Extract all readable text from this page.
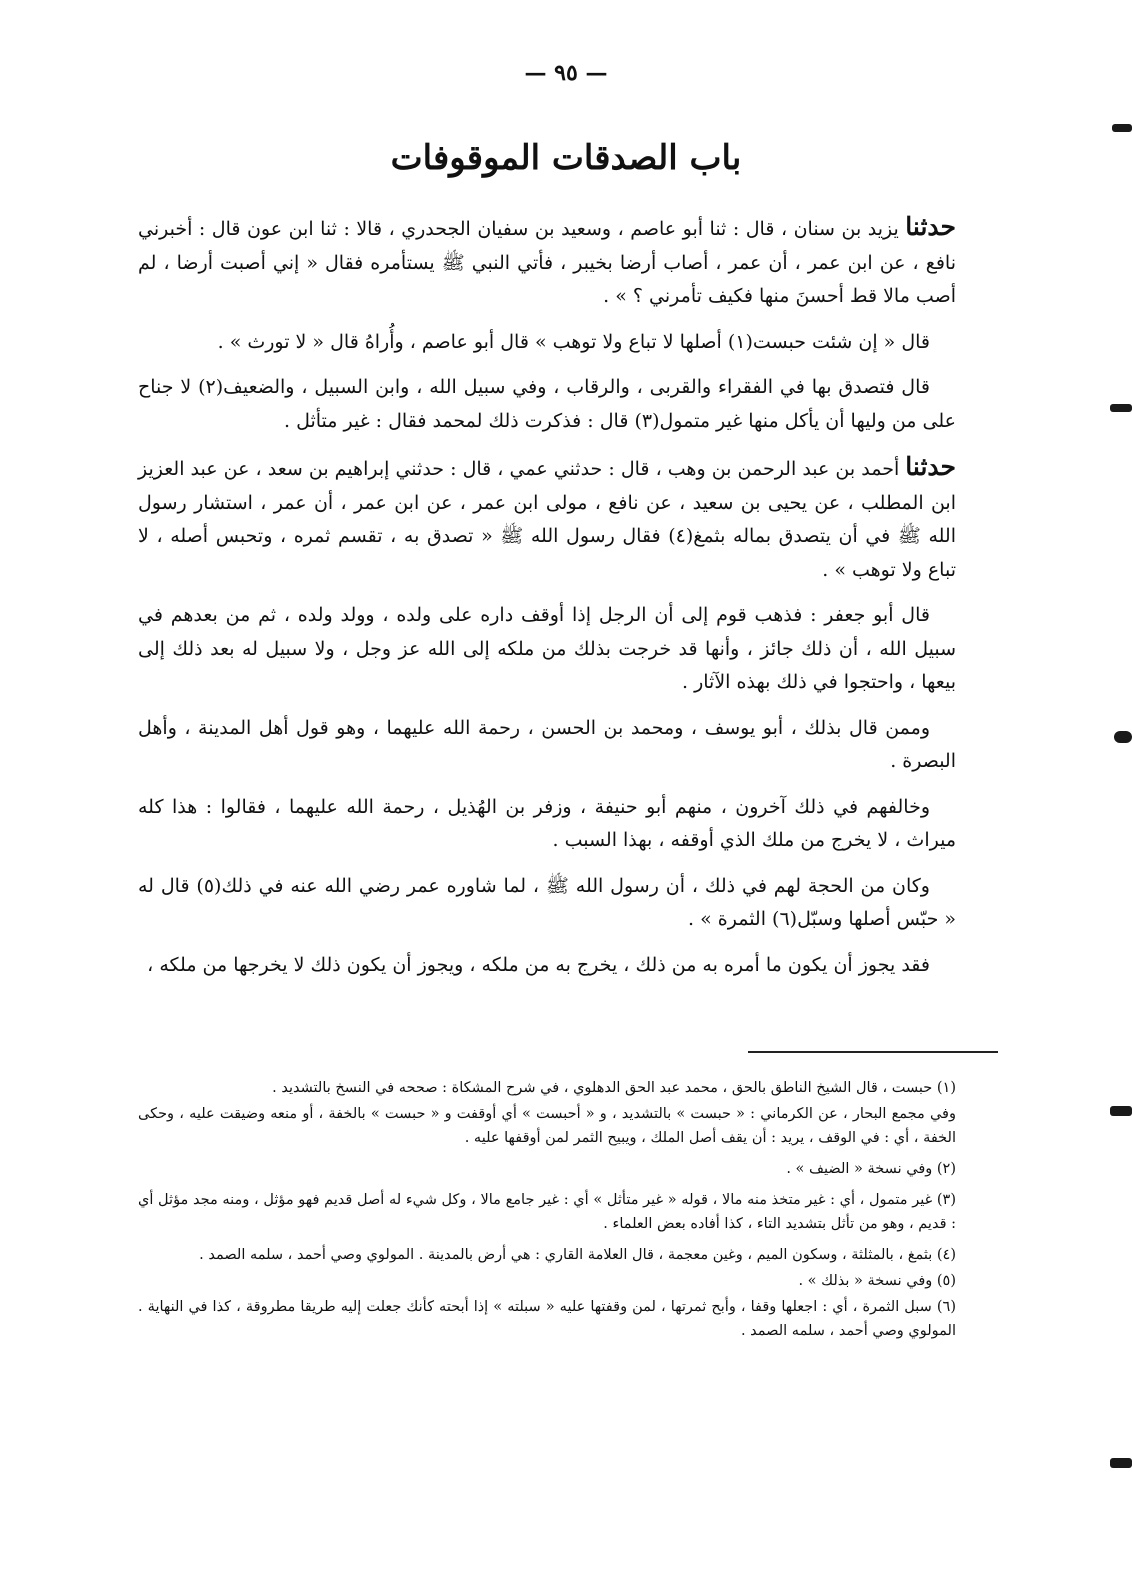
— ٩٥ —
باب الصدقات الموقوفات

حدثنا يزيد بن سنان ، قال : ثنا أبو عاصم ، وسعيد بن سفيان الجحدري ، قالا : ثنا ابن عون قال : أخبرني نافع ، عن ابن عمر ، أن عمر ، أصاب أرضا بخيبر ، فأتي النبي ﷺ يستأمره فقال « إني أصبت أرضا ، لم أصب مالا قط أحسنَ منها فكيف تأمرني ؟ » .

قال « إن شئت حبست(١) أصلها لا تباع ولا توهب » قال أبو عاصم ، وأُراهُ قال « لا تورث » .

قال فتصدق بها في الفقراء والقربى ، والرقاب ، وفي سبيل الله ، وابن السبيل ، والضعيف(٢) لا جناح على من وليها أن يأكل منها غير متمول(٣) قال : فذكرت ذلك لمحمد فقال : غير متأثل .

حدثنا أحمد بن عبد الرحمن بن وهب ، قال : حدثني عمي ، قال : حدثني إبراهيم بن سعد ، عن عبد العزيز ابن المطلب ، عن يحيى بن سعيد ، عن نافع ، مولى ابن عمر ، عن ابن عمر ، أن عمر ، استشار رسول الله ﷺ في أن يتصدق بماله بثمغ(٤) فقال رسول الله ﷺ « تصدق به ، تقسم ثمره ، وتحبس أصله ، لا تباع ولا توهب » .

قال أبو جعفر : فذهب قوم إلى أن الرجل إذا أوقف داره على ولده ، وولد ولده ، ثم من بعدهم في سبيل الله ، أن ذلك جائز ، وأنها قد خرجت بذلك من ملكه إلى الله عز وجل ، ولا سبيل له بعد ذلك إلى بيعها ، واحتجوا في ذلك بهذه الآثار .

وممن قال بذلك ، أبو يوسف ، ومحمد بن الحسن ، رحمة الله عليهما ، وهو قول أهل المدينة ، وأهل البصرة .

وخالفهم في ذلك آخرون ، منهم أبو حنيفة ، وزفر بن الهُذيل ، رحمة الله عليهما ، فقالوا : هذا كله ميراث ، لا يخرج من ملك الذي أوقفه ، بهذا السبب .

وكان من الحجة لهم في ذلك ، أن رسول الله ﷺ ، لما شاوره عمر رضي الله عنه في ذلك(٥) قال له « حبّس أصلها وسبّل(٦) الثمرة » .

فقد يجوز أن يكون ما أمره به من ذلك ، يخرج به من ملكه ، ويجوز أن يكون ذلك لا يخرجها من ملكه ،

(١) حبست ، قال الشيخ الناطق بالحق ، محمد عبد الحق الدهلوي ، في شرح المشكاة : صححه في النسخ بالتشديد .

وفي مجمع البحار ، عن الكرماني : « حبست » بالتشديد ، و « أحبست » أي أوقفت و « حبست » بالخفة ، أو منعه وضيقت عليه ، وحكى الخفة ، أي : في الوقف ، يريد : أن يقف أصل الملك ، ويبيح الثمر لمن أوقفها عليه .

(٢) وفي نسخة « الضيف » .

(٣) غير متمول ، أي : غير متخذ منه مالا ، قوله « غير متأثل » أي : غير جامع مالا ، وكل شيء له أصل قديم فهو مؤثل ، ومنه مجد مؤثل أي : قديم ، وهو من تأثل بتشديد التاء ، كذا أفاده بعض العلماء .

(٤) بثمغ ، بالمثلثة ، وسكون الميم ، وغين معجمة ، قال العلامة القاري : هي أرض بالمدينة . المولوي وصي أحمد ، سلمه الصمد .

(٥) وفي نسخة « بذلك » .

(٦) سبل الثمرة ، أي : اجعلها وقفا ، وأبح ثمرتها ، لمن وقفتها عليه « سبلته » إذا أبحته كأنك جعلت إليه طريقا مطروقة ، كذا في النهاية . المولوي وصي أحمد ، سلمه الصمد .
